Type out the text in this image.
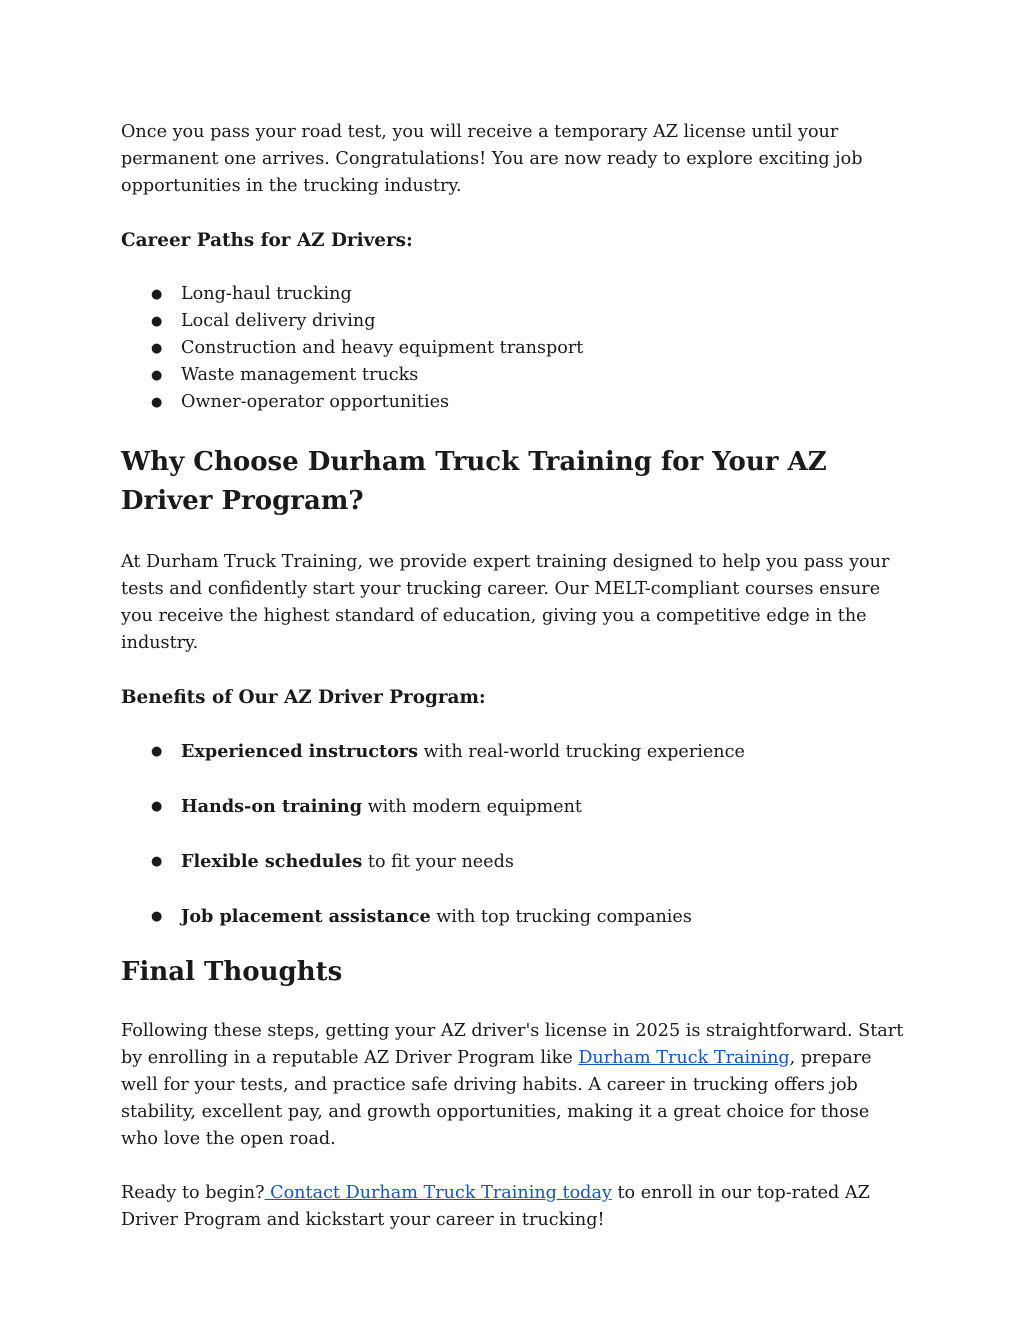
Once you pass your road test, you will receive a temporary AZ license until your permanent one arrives. Congratulations! You are now ready to explore exciting job opportunities in the trucking industry.

Career Paths for AZ Drivers:
● Long-haul trucking
● Local delivery driving
● Construction and heavy equipment transport
● Waste management trucks
● Owner-operator opportunities
Why Choose Durham Truck Training for Your AZ Driver Program?

At Durham Truck Training, we provide expert training designed to help you pass your tests and confidently start your trucking career. Our MELT-compliant courses ensure you receive the highest standard of education, giving you a competitive edge in the industry.

Benefits of Our AZ Driver Program:
● Experienced instructors with real-world trucking experience
● Hands-on training with modern equipment
● Flexible schedules to fit your needs
● Job placement assistance with top trucking companies
Final Thoughts

Following these steps, getting your AZ driver's license in 2025 is straightforward. Start by enrolling in a reputable AZ Driver Program like Durham Truck Training, prepare well for your tests, and practice safe driving habits. A career in trucking offers job stability, excellent pay, and growth opportunities, making it a great choice for those who love the open road.

Ready to begin? Contact Durham Truck Training today to enroll in our top-rated AZ Driver Program and kickstart your career in trucking!
